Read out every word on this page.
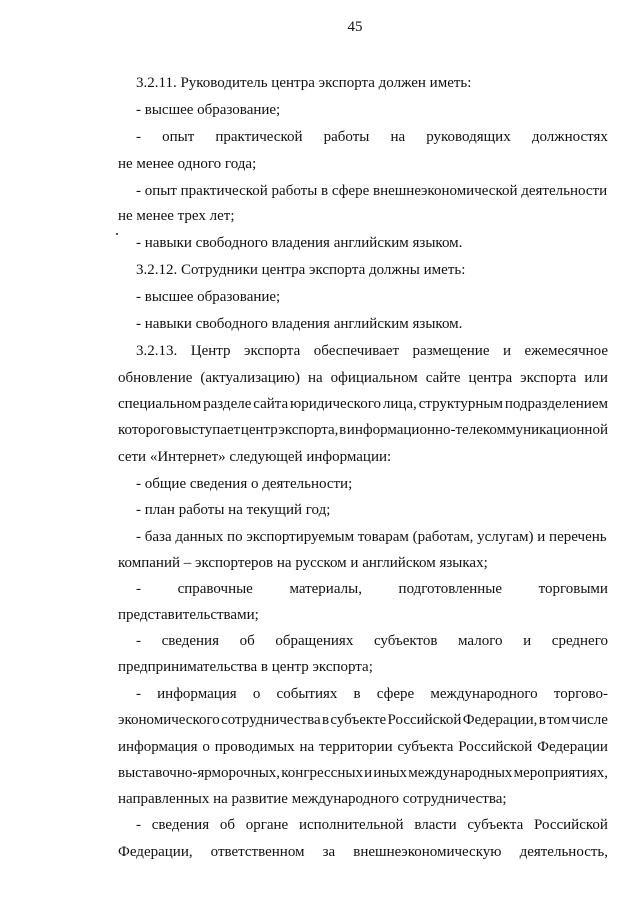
45
3.2.11. Руководитель центра экспорта должен иметь:
- высшее образование;
- опыт практической работы на руководящих должностях
не менее одного года;
- опыт практической работы в сфере внешнеэкономической деятельности
не менее трех лет;
- навыки свободного владения английским языком.
3.2.12. Сотрудники центра экспорта должны иметь:
- высшее образование;
- навыки свободного владения английским языком.
3.2.13. Центр экспорта обеспечивает размещение и ежемесячное
обновление (актуализацию) на официальном сайте центра экспорта или
специальном разделе сайта юридического лица, структурным подразделением
которого выступает центр экспорта, в информационно-телекоммуникационной
сети «Интернет» следующей информации:
- общие сведения о деятельности;
- план работы на текущий год;
- база данных по экспортируемым товарам (работам, услугам) и перечень
компаний – экспортеров на русском и английском языках;
- справочные материалы, подготовленные торговыми
представительствами;
- сведения об обращениях субъектов малого и среднего
предпринимательства в центр экспорта;
- информация о событиях в сфере международного торгово-
экономического сотрудничества в субъекте Российской Федерации, в том числе
информация о проводимых на территории субъекта Российской Федерации
выставочно-ярморочных, конгрессных и иных международных мероприятиях,
направленных на развитие международного сотрудничества;
- сведения об органе исполнительной власти субъекта Российской
Федерации, ответственном за внешнеэкономическую деятельность,
